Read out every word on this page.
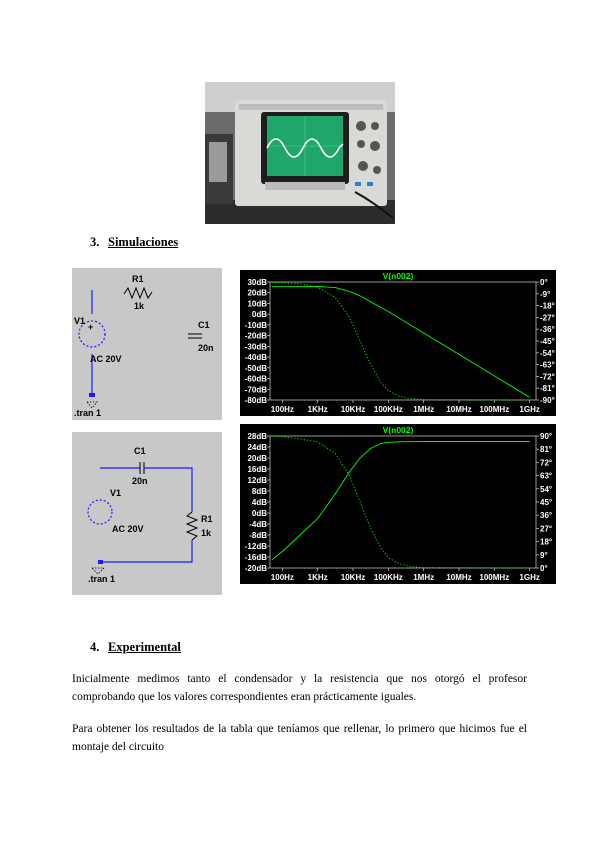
3. Simulaciones
R1
1k
+
V1
AC 20V
.tran 1
C1
20n
V(n002)
100Hz 1KHz 10KHz 100KHz 1MHz 10MHz 100MHz 1GHz
30dB
20dB
10dB
0dB
-10dB
-20dB
-30dB
-40dB
-50dB
-60dB
-70dB
-80dB
0°
-9°
-18°
-27°
-36°
-45°
-54°
-63°
-72°
-81°
-90°
C1
20n
R1
1k
V1
AC 20V
.tran 1
V(n002)
100Hz 1KHz 10KHz 100KHz 1MHz 10MHz 100MHz 1GHz
28dB
24dB
20dB
16dB
12dB
8dB
4dB
0dB
-4dB
-8dB
-12dB
-16dB
-20dB
90°
81°
72°
63°
54°
45°
36°
27°
18°
9°
0°
4. Experimental
Inicialmente medimos tanto el condensador y la resistencia que nos otorgó el profesor comprobando que los valores correspondientes eran prácticamente iguales.
Para obtener los resultados de la tabla que teníamos que rellenar, lo primero que hicimos fue el montaje del circuito
